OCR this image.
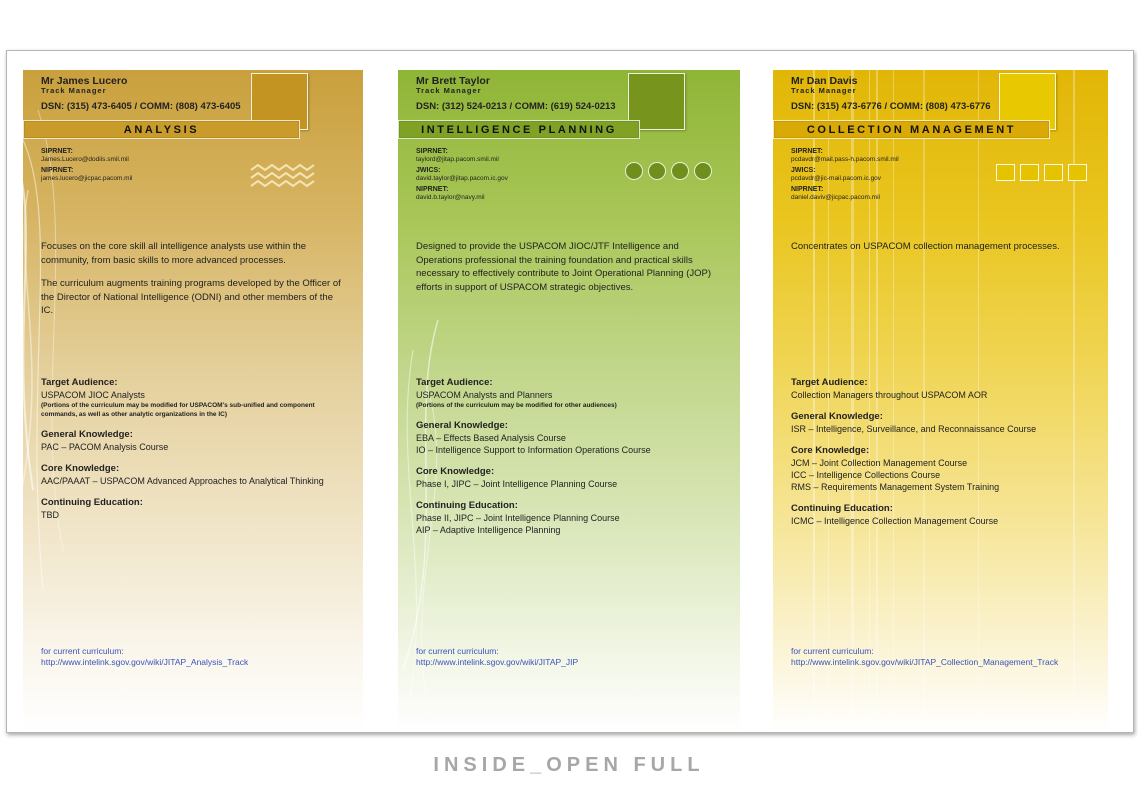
Mr James Lucero
Track Manager
DSN: (315) 473-6405 / COMM: (808) 473-6405
ANALYSIS
SIPRNET:
James.Lucero@dodiis.smil.mil
NIPRNET:
james.lucero@jicpac.pacom.mil

Focuses on the core skill all intelligence analysts use within the community, from basic skills to more advanced processes.

The curriculum augments training programs developed by the Officer of the Director of National Intelligence (ODNI) and other members of the IC.

Target Audience:
USPACOM JIOC Analysts
(Portions of the curriculum may be modified for USPACOM's sub-unified and component commands, as well as other analytic organizations in the IC)
General Knowledge:
PAC – PACOM Analysis Course
Core Knowledge:
AAC/PAAAT – USPACOM Advanced Approaches to Analytical Thinking
Continuing Education:
TBD
for current curriculum:
http://www.intelink.sgov.gov/wiki/JITAP_Analysis_Track
Mr Brett Taylor
Track Manager
DSN: (312) 524-0213 / COMM: (619) 524-0213
INTELLIGENCE PLANNING
SIPRNET:
taylord@jitap.pacom.smil.mil
JWICS:
david.taylor@jitap.pacom.ic.gov
NIPRNET:
david.b.taylor@navy.mil

Designed to provide the USPACOM JIOC/JTF Intelligence and Operations professional the training foundation and practical skills necessary to effectively contribute to Joint Operational Planning (JOP) efforts in support of USPACOM strategic objectives.

Target Audience:
USPACOM Analysts and Planners
(Portions of the curriculum may be modified for other audiences)
General Knowledge:
EBA – Effects Based Analysis Course
IO – Intelligence Support to Information Operations Course
Core Knowledge:
Phase I, JIPC – Joint Intelligence Planning Course
Continuing Education:
Phase II, JIPC – Joint Intelligence Planning Course
AIP – Adaptive Intelligence Planning
for current curriculum:
http://www.intelink.sgov.gov/wiki/JITAP_JIP
Mr Dan Davis
Track Manager
DSN: (315) 473-6776 / COMM: (808) 473-6776
COLLECTION MANAGEMENT
SIPRNET:
pcdavdr@mail.pass-h.pacom.smil.mil
JWICS:
pcdavdr@jic-mail.pacom.ic.gov
NIPRNET:
daniel.daviv@jicpac.pacom.mil

Concentrates on USPACOM collection management processes.

Target Audience:
Collection Managers throughout USPACOM AOR
General Knowledge:
ISR – Intelligence, Surveillance, and Reconnaissance Course
Core Knowledge:
JCM – Joint Collection Management Course
ICC – Intelligence Collections Course
RMS – Requirements Management System Training
Continuing Education:
ICMC – Intelligence Collection Management Course
for current curriculum:
http://www.intelink.sgov.gov/wiki/JITAP_Collection_Management_Track
INSIDE_OPEN FULL
